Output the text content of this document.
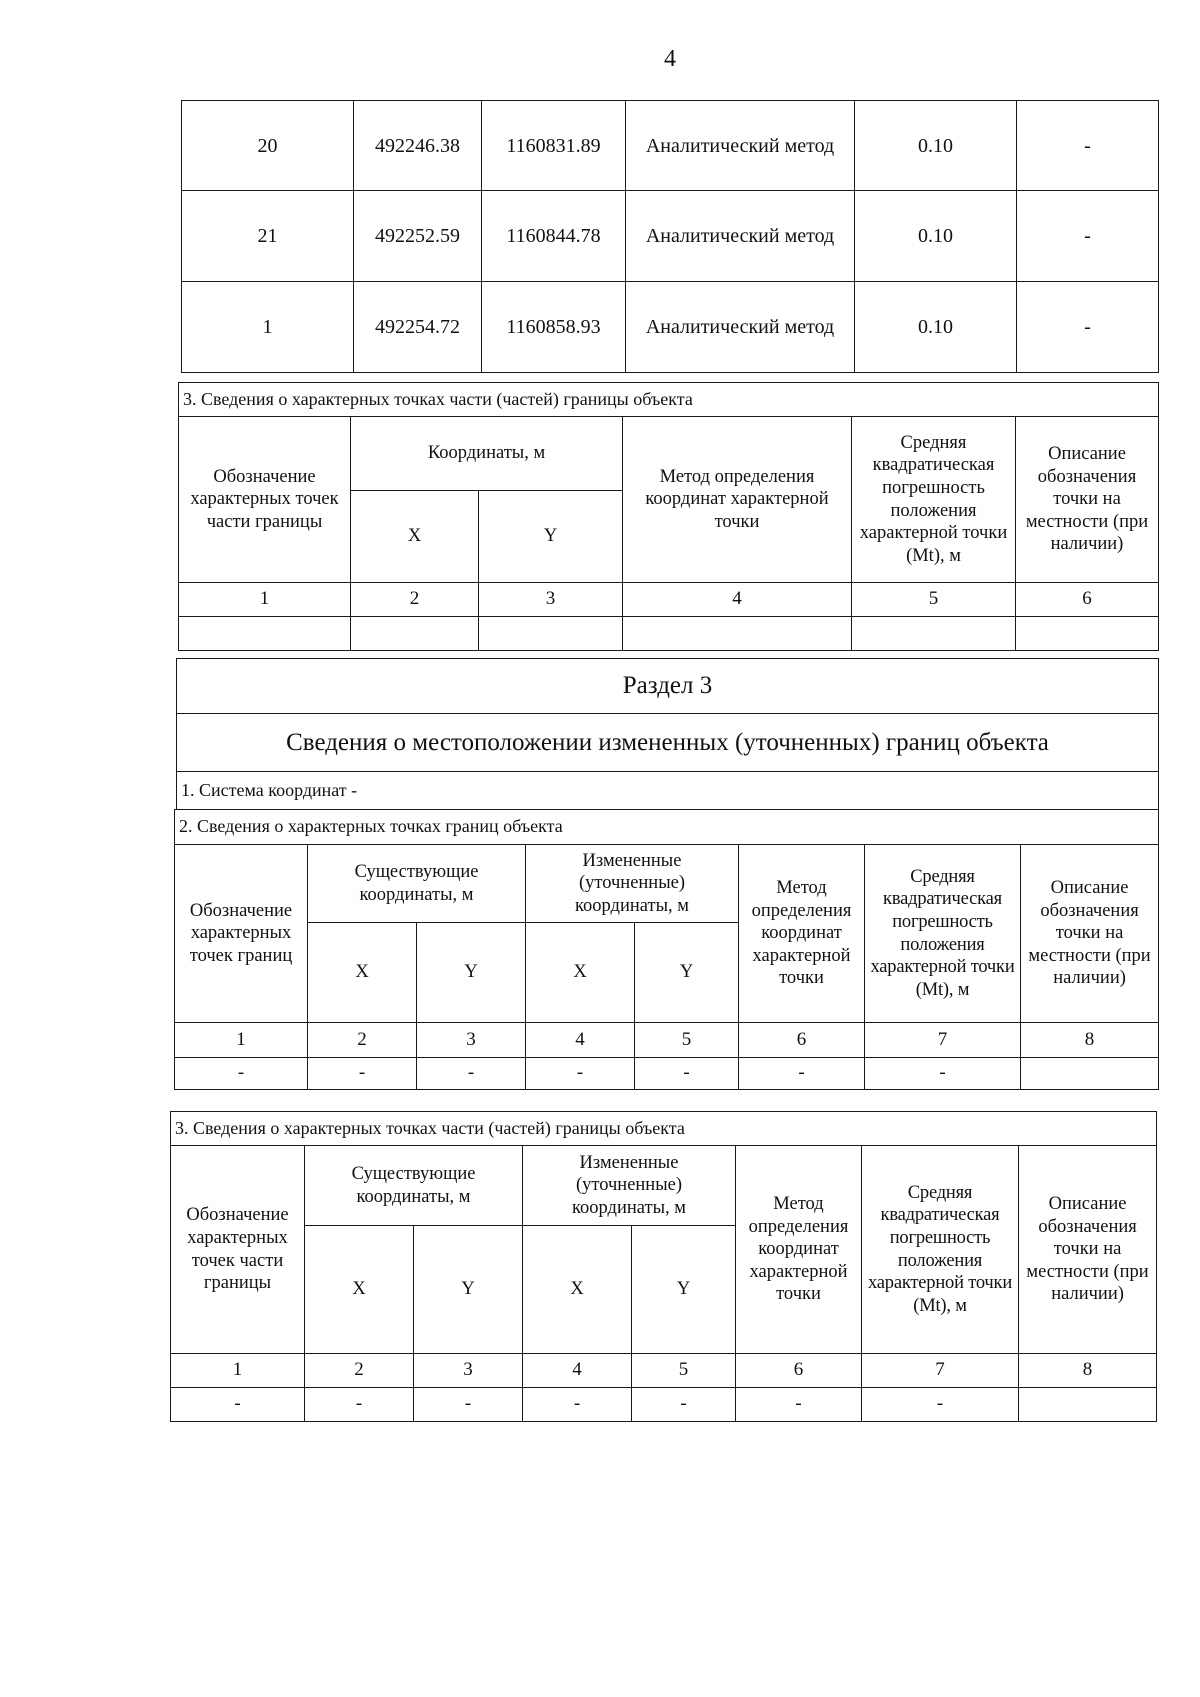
4
20	492246.38	1160831.89	Аналитический метод	0.10	-
21	492252.59	1160844.78	Аналитический метод	0.10	-
1	492254.72	1160858.93	Аналитический метод	0.10	-
3. Сведения о характерных точках части (частей) границы объекта					
Обозначение характерных точек части границы	Координаты, м		Метод определения координат характерной точки	Средняя квадратическая погрешность положения характерной точки (Mt), м	Описание обозначения точки на местности (при наличии)
	X	Y			
1	2	3	4	5	6

Раздел 3
Сведения о местоположении измененных (уточненных) границ объекта
1. Система координат -
2. Сведения о характерных точках границ объекта							
Обозначение характерных точек границ	Существующие координаты, м		Измененные (уточненные) координаты, м		Метод определения координат характерной точки	Средняя квадратическая погрешность положения характерной точки (Mt), м	Описание обозначения точки на местности (при наличии)
	X	Y	X	Y			
1	2	3	4	5	6	7	8
-	-	-	-	-	-	-	
3. Сведения о характерных точках части (частей) границы объекта							
Обозначение характерных точек части границы	Существующие координаты, м		Измененные (уточненные) координаты, м		Метод определения координат характерной точки	Средняя квадратическая погрешность положения характерной точки (Mt), м	Описание обозначения точки на местности (при наличии)
	X	Y	X	Y			
1	2	3	4	5	6	7	8
-	-	-	-	-	-	-	
